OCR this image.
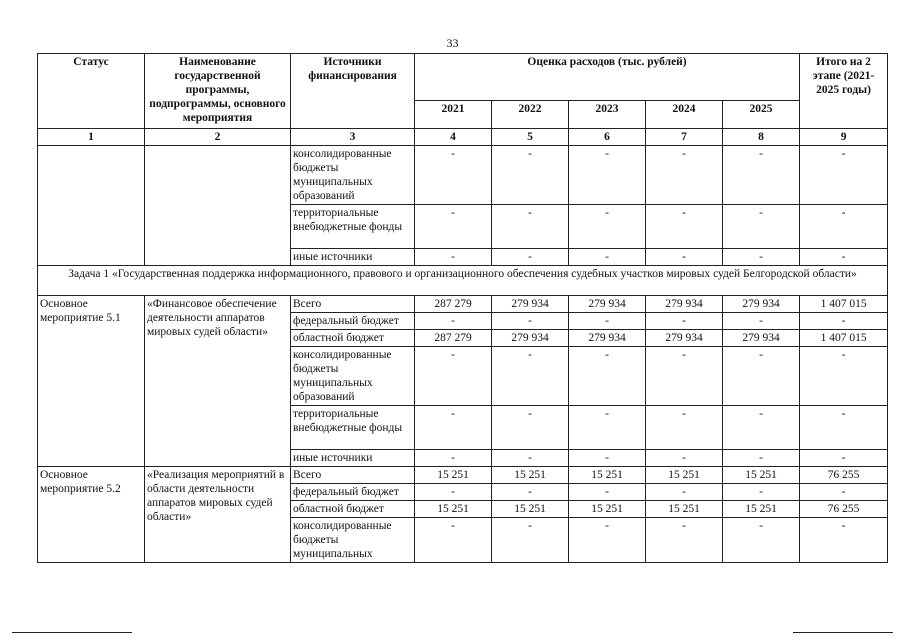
33
Статус	Наименование государственной программы, подпрограммы, основного мероприятия	Источники финансирования	Оценка расходов (тыс. рублей)					Итого на 2 этапе (2021-2025 годы)
			2021	2022	2023	2024	2025	
1	2	3	4	5	6	7	8	9
		консолидированные бюджеты муниципальных образований	-	-	-	-	-	-
		территориальные внебюджетные фонды	-	-	-	-	-	-
		иные источники	-	-	-	-	-	-
Задача 1 «Государственная поддержка информационного, правового и организационного обеспечения судебных участков мировых судей Белгородской области»								
Основное мероприятие 5.1	«Финансовое обеспечение деятельности аппаратов мировых судей области»	Всего	287 279	279 934	279 934	279 934	279 934	1 407 015
		федеральный бюджет	-	-	-	-	-	-
		областной бюджет	287 279	279 934	279 934	279 934	279 934	1 407 015
		консолидированные бюджеты муниципальных образований	-	-	-	-	-	-
		территориальные внебюджетные фонды	-	-	-	-	-	-
		иные источники	-	-	-	-	-	-
Основное мероприятие 5.2	«Реализация мероприятий в области деятельности аппаратов мировых судей области»	Всего	15 251	15 251	15 251	15 251	15 251	76 255
		федеральный бюджет	-	-	-	-	-	-
		областной бюджет	15 251	15 251	15 251	15 251	15 251	76 255
		консолидированные бюджеты муниципальных	-	-	-	-	-	-
